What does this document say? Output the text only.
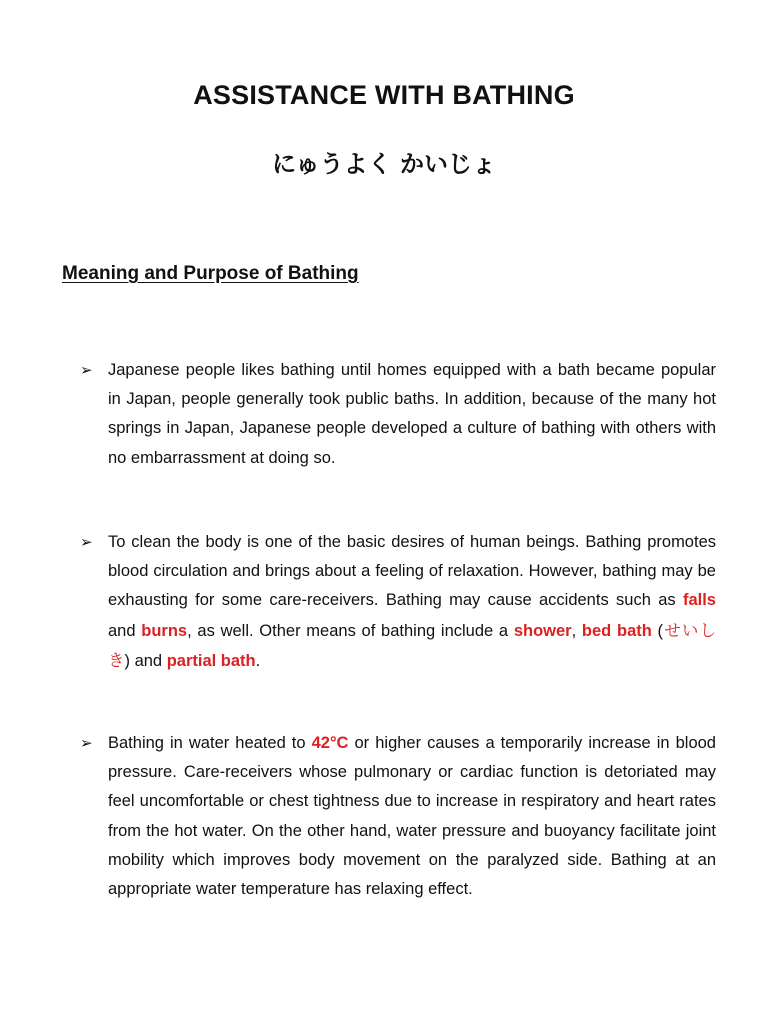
ASSISTANCE WITH BATHING
にゅうよく かいじょ
Meaning and Purpose of Bathing
➢ Japanese people likes bathing until homes equipped with a bath became popular in Japan, people generally took public baths. In addition, because of the many hot springs in Japan, Japanese people developed a culture of bathing with others with no embarrassment at doing so.
➢ To clean the body is one of the basic desires of human beings. Bathing promotes blood circulation and brings about a feeling of relaxation. However, bathing may be exhausting for some care-receivers. Bathing may cause accidents such as falls and burns, as well. Other means of bathing include a shower, bed bath (せいしき) and partial bath.
➢ Bathing in water heated to 42°C or higher causes a temporarily increase in blood pressure. Care-receivers whose pulmonary or cardiac function is detoriated may feel uncomfortable or chest tightness due to increase in respiratory and heart rates from the hot water. On the other hand, water pressure and buoyancy facilitate joint mobility which improves body movement on the paralyzed side. Bathing at an appropriate water temperature has relaxing effect.
